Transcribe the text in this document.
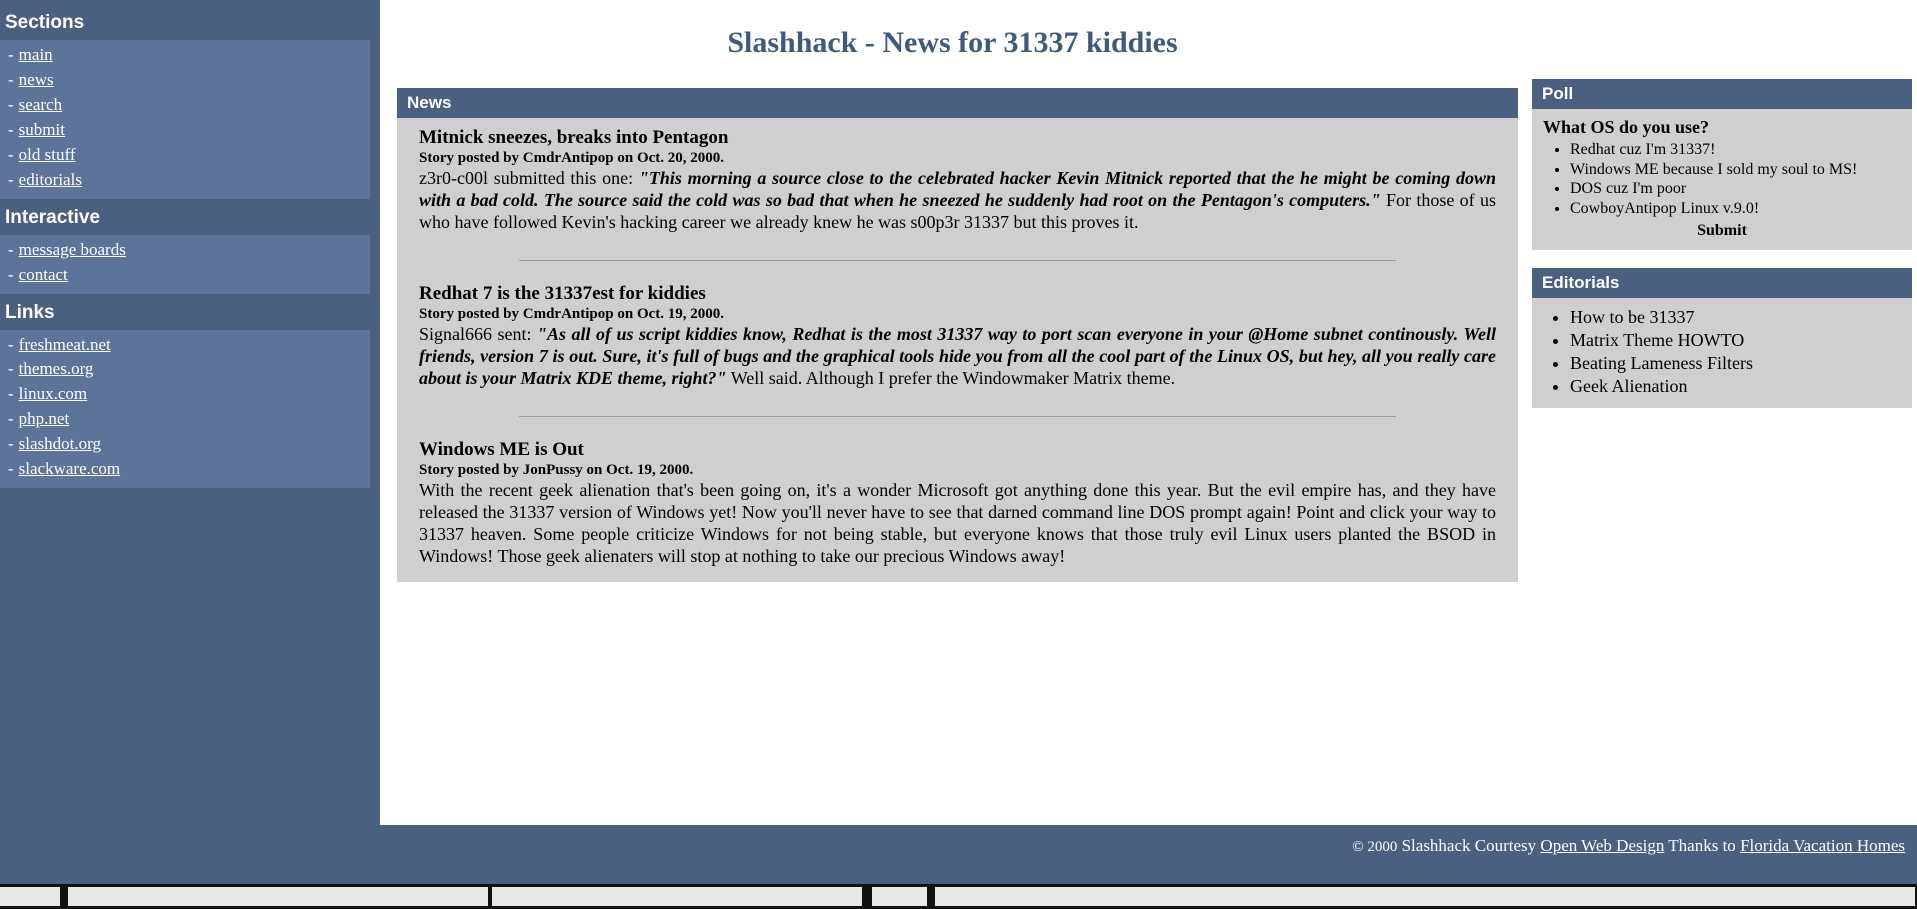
Sections
- main
- news
- search
- submit
- old stuff
- editorials
Interactive
- message boards
- contact
Links
- freshmeat.net
- themes.org
- linux.com
- php.net
- slashdot.org
- slackware.com
Slashhack - News for 31337 kiddies
News
Mitnick sneezes, breaks into Pentagon
Story posted by CmdrAntipop on Oct. 20, 2000.

z3r0-c00l submitted this one: "This morning a source close to the celebrated hacker Kevin Mitnick reported that the he might be coming down with a bad cold. The source said the cold was so bad that when he sneezed he suddenly had root on the Pentagon's computers." For those of us who have followed Kevin's hacking career we already knew he was s00p3r 31337 but this proves it.

Redhat 7 is the 31337est for kiddies
Story posted by CmdrAntipop on Oct. 19, 2000.

Signal666 sent: "As all of us script kiddies know, Redhat is the most 31337 way to port scan everyone in your @Home subnet continously. Well friends, version 7 is out. Sure, it's full of bugs and the graphical tools hide you from all the cool part of the Linux OS, but hey, all you really care about is your Matrix KDE theme, right?" Well said. Although I prefer the Windowmaker Matrix theme.

Windows ME is Out
Story posted by JonPussy on Oct. 19, 2000.

With the recent geek alienation that's been going on, it's a wonder Microsoft got anything done this year. But the evil empire has, and they have released the 31337 version of Windows yet! Now you'll never have to see that darned command line DOS prompt again! Point and click your way to 31337 heaven. Some people criticize Windows for not being stable, but everyone knows that those truly evil Linux users planted the BSOD in Windows! Those geek alienaters will stop at nothing to take our precious Windows away!

Poll
What OS do you use?
• Redhat cuz I'm 31337!
• Windows ME because I sold my soul to MS!
• DOS cuz I'm poor
• CowboyAntipop Linux v.9.0!
Submit
Editorials
• How to be 31337
• Matrix Theme HOWTO
• Beating Lameness Filters
• Geek Alienation
© 2000 Slashhack Courtesy Open Web Design Thanks to Florida Vacation Homes
